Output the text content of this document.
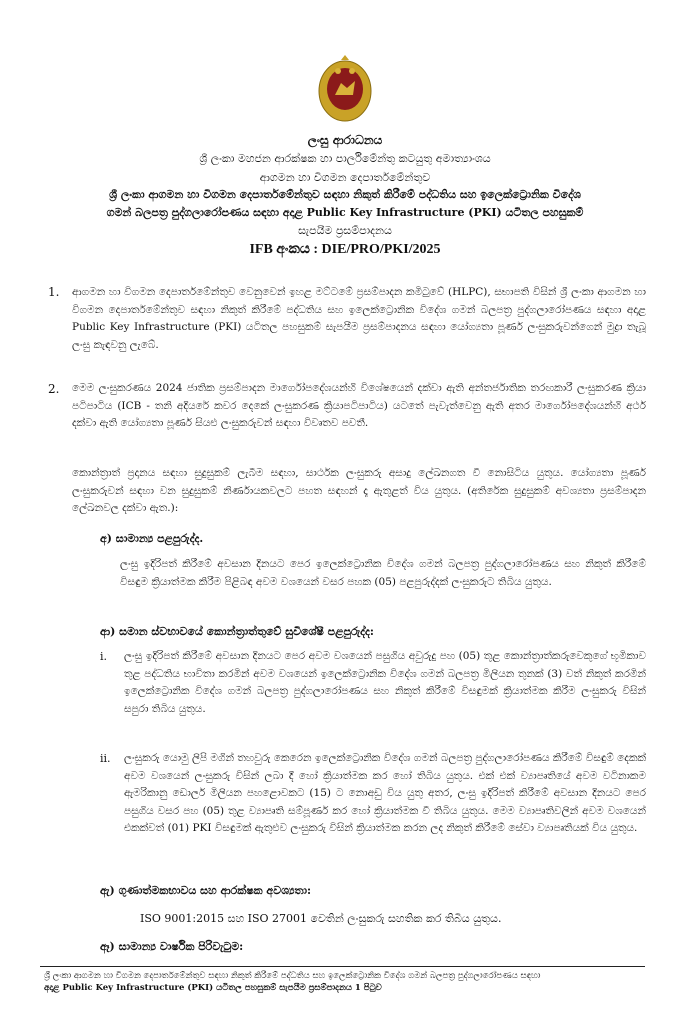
ලංසු ආරාධනය
ශ්‍රී ලංකා මහජන ආරක්ෂක හා පාර්ලිමේන්තු කටයුතු අමාත්‍යාංශය
ආගමන හා විගමන දෙපාර්තමේන්තුව
ශ්‍රී ලංකා ආගමන හා විගමන දෙපාර්තමේන්තුව සඳහා නිකුත් කිරීමේ පද්ධතිය සහ ඉලෙක්ට්‍රොනික විදේශ
ගමන් බලපත්‍ර පුද්ගලාරෝපණය සඳහා අදාළ Public Key Infrastructure (PKI) යටිතල පහසුකම්
සැපයීම ප්‍රසම්පාදනය
IFB අංකය : DIE/PRO/PKI/2025
1. ආගමන හා විගමන දෙපාර්තමේන්තුව වෙනුවෙන් ඉහළ මට්ටමේ ප්‍රසම්පාදන කමිටුවේ (HLPC), සභාපති විසින් ශ්‍රී ලංකා ආගමන හා විගමන දෙපාර්තමේන්තුව සඳහා නිකුත් කිරීමේ පද්ධතිය සහ ඉලෙක්ට්‍රොනික විදේශ ගමන් බලපත්‍ර පුද්ගලාරෝපණය සඳහා අදාළ Public Key Infrastructure (PKI) යටිතල පහසුකම් සැපයීම ප්‍රසම්පාදනය සඳහා යෝග්‍යතා පූර්ණ ලංසුකරුවන්ගෙන් මුද්‍රා තැබූ ලංසු කැඳවනු ලැබේ.

2. මෙම ලංසුකරණය 2024 ජාතික ප්‍රසම්පාදන මාර්ගෝපදේශයන්හි විශේෂයෙන් දක්වා ඇති අන්තර්ජාතික තරඟකාරී ලංසුකරණ ක්‍රියා පටිපාටිය (ICB - තනි අදියරේ කවර දෙකේ ලංසුකරණ ක්‍රියාපටිපාටිය) යටතේ පැවැත්වෙනු ඇති අතර මාර්ගෝපදේශයන්හි අර්ථ දක්වා ඇති යෝග්‍යතා පූර්ණ සියළු ලංසුකරුවන් සඳහා විවෘතව පවතී.

කොන්ත්‍රාත් ප්‍රදානය සඳහා සුදුසුකම් ලැබීම සඳහා, සාර්ථක ලංසුකරු අසාදු ලේඛනගත වී නොසිටිය යුතුය. යෝග්‍යතා පූර්ණ ලංසුකරුවන් සඳහා වන සුදුසුකම් නිර්ණායකවලට පහත සඳහන් දෑ ඇතුළත් විය යුතුය. (අතිරේක සුදුසුකම් අවශ්‍යතා ප්‍රසම්පාදන ලේඛනවල දක්වා ඇත.):

අ) සාමාන්‍ය පළපුරුද්ද.
ලංසු ඉදිරිපත් කිරීමේ අවසාන දිනයට පෙර ඉලෙක්ට්‍රොනික විදේශ ගමන් බලපත්‍ර පුද්ගලාරෝපණය සහ නිකුත් කිරීමේ විසඳුම ක්‍රියාත්මක කිරීම පිළිබඳ අවම වශයෙන් වසර පහක (05) පළපුරුද්දක් ලංසුකරුට තිබිය යුතුය.
ආ) සමාන ස්වභාවයේ කොන්ත්‍රාත්තුවේ සුවිශේෂී පළපුරුද්ද:
i. ලංසු ඉදිරිපත් කිරීමේ අවසාන දිනයට පෙර අවම වශයෙන් පසුගිය අවුරුදු පහ (05) තුළ කොන්ත්‍රාත්කරුවෙකුගේ භූමිකාව තුළ පද්ධතිය භාවිතා කරමින් අවම වශයෙන් ඉලෙක්ට්‍රොනික විදේශ ගමන් බලපත්‍ර මිලියන තුනක් (3) වත් නිකුත් කරමින් ඉලෙක්ට්‍රොනික විදේශ ගමන් බලපත්‍ර පුද්ගලාරෝපණය සහ නිකුත් කිරීමේ විසඳුමක් ක්‍රියාත්මක කිරීම ලංසුකරු විසින් සපුරා තිබිය යුතුය.
ii. ලංසුකරු යොමු ලිපි මගින් තහවුරු කෙරෙන ඉලෙක්ට්‍රොනික විදේශ ගමන් බලපත්‍ර පුද්ගලාරෝපණය කිරීමේ විසඳුම් දෙකක් අවම වශයෙන් ලංසුකරු විසින් ලබා දී හෝ ක්‍රියාත්මක කර හෝ තිබිය යුතුය. එක් එක් ව්‍යාපෘතියේ අවම වටිනාකම ඇමරිකානු ඩොලර් මිලියන පහළොවකට (15) ට නොඅඩු විය යුතු අතර, ලංසු ඉදිරිපත් කිරීමේ අවසාන දිනයට පෙර පසුගිය වසර පහ (05) තුළ ව්‍යාපෘති සම්පූර්ණ කර හෝ ක්‍රියාත්මක වී තිබිය යුතුය. මෙම ව්‍යාපෘතිවලින් අවම වශයෙන් එකක්වත් (01) PKI විසඳුමක් ඇතුළුව ලංසුකරු විසින් ක්‍රියාත්මක කරන ලද නිකුත් කිරීමේ සේවා ව්‍යාපෘතියක් විය යුතුය.
ඇ) ගුණාත්මකභාවය සහ ආරක්ෂක අවශ්‍යතා:
ISO 9001:2015 සහ ISO 27001 වෙතින් ලංසුකරු සහතික කර තිබිය යුතුය.
ඈ) සාමාන්‍ය වාර්ෂික පිරිවැටුම:
ශ්‍රී ලංකා ආගමන හා විගමන දෙපාර්තමේන්තුව සඳහා නිකුත් කිරීමේ පද්ධතිය සහ ඉලෙක්ට්‍රොනික විදේශ ගමන් බලපත්‍ර පුද්ගලාරෝපණය සඳහා
අදාළ Public Key Infrastructure (PKI) යටිතල පහසුකම් සැපයීම ප්‍රසම්පාදනය 1 පිටුව
